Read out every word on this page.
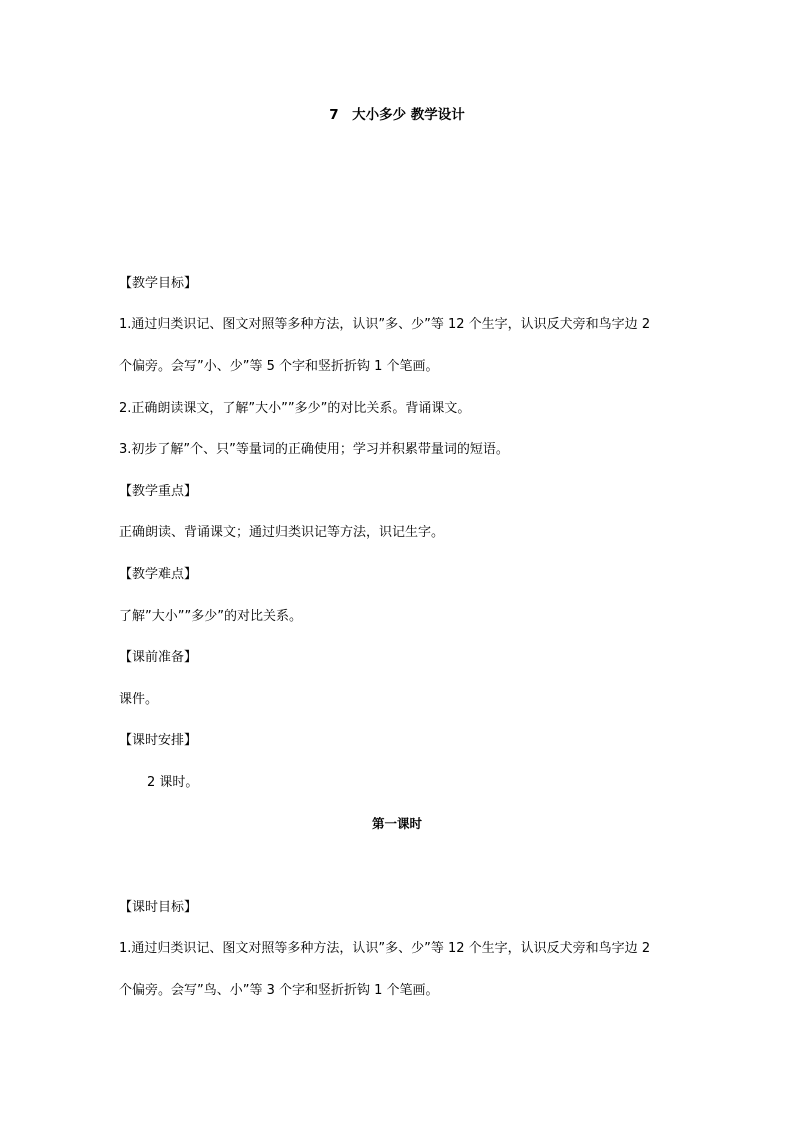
7　大小多少 教学设计
【教学目标】
1.通过归类识记、图文对照等多种方法，认识”多、少”等 12 个生字，认识反犬旁和鸟字边 2
个偏旁。会写”小、少”等 5 个字和竖折折钩 1 个笔画。
2.正确朗读课文，了解”大小””多少”的对比关系。背诵课文。
3.初步了解”个、只”等量词的正确使用；学习并积累带量词的短语。
【教学重点】
正确朗读、背诵课文；通过归类识记等方法，识记生字。
【教学难点】
了解”大小””多少”的对比关系。
【课前准备】
课件。
【课时安排】
2 课时。
第一课时
【课时目标】
1.通过归类识记、图文对照等多种方法，认识”多、少”等 12 个生字，认识反犬旁和鸟字边 2
个偏旁。会写”鸟、小”等 3 个字和竖折折钩 1 个笔画。
